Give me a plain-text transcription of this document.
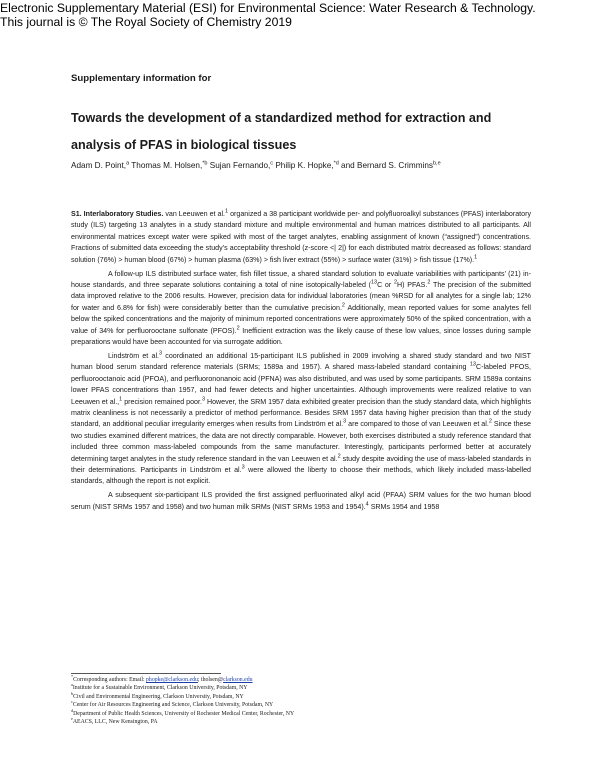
Electronic Supplementary Material (ESI) for Environmental Science: Water Research & Technology.
This journal is © The Royal Society of Chemistry 2019
Supplementary information for
Towards the development of a standardized method for extraction and
analysis of PFAS in biological tissues
Adam D. Point,$^a$ Thomas M. Holsen,$^{*b}$ Sujan Fernando,$^c$ Philip K. Hopke,$^{*d}$ and Bernard S. Crimmins$^{b,e}$

S1. Interlaboratory Studies. van Leeuwen et al.$^1$ organized a 38 participant worldwide per- and polyfluoroalkyl substances (PFAS) interlaboratory study (ILS) targeting 13 analytes in a study standard mixture and multiple environmental and human matrices distributed to all participants. All environmental matrices except water were spiked with most of the target analytes, enabling assignment of known (“assigned”) concentrations. Fractions of submitted data exceeding the study’s acceptability threshold (z-score <| 2|) for each distributed matrix decreased as follows: standard solution (76%) > human blood (67%) > human plasma (63%) > fish liver extract (55%) > surface water (31%) > fish tissue (17%).$^1$

A follow-up ILS distributed surface water, fish fillet tissue, a shared standard solution to evaluate variabilities with participants’ (21) in-house standards, and three separate solutions containing a total of nine isotopically-labeled ($^{13}$C or $^2$H) PFAS.$^2$ The precision of the submitted data improved relative to the 2006 results. However, precision data for individual laboratories (mean %RSD for all analytes for a single lab; 12% for water and 6.8% for fish) were considerably better than the cumulative precision.$^2$ Additionally, mean reported values for some analytes fell below the spiked concentrations and the majority of minimum reported concentrations were approximately 50% of the spiked concentration, with a value of 34% for perfluorooctane sulfonate (PFOS).$^2$ Inefficient extraction was the likely cause of these low values, since losses during sample preparations would have been accounted for via surrogate addition.

Lindström et al.$^3$ coordinated an additional 15-participant ILS published in 2009 involving a shared study standard and two NIST human blood serum standard reference materials (SRMs; 1589a and 1957). A shared mass-labeled standard containing $^{13}$C-labeled PFOS, perfluorooctanoic acid (PFOA), and perfluorononanoic acid (PFNA) was also distributed, and was used by some participants. SRM 1589a contains lower PFAS concentrations than 1957, and had fewer detects and higher uncertainties. Although improvements were realized relative to van Leeuwen et al.,$^1$ precision remained poor.$^3$ However, the SRM 1957 data exhibited greater precision than the study standard data, which highlights matrix cleanliness is not necessarily a predictor of method performance. Besides SRM 1957 data having higher precision than that of the study standard, an additional peculiar irregularity emerges when results from Lindström et al.$^3$ are compared to those of van Leeuwen et al.$^2$ Since these two studies examined different matrices, the data are not directly comparable. However, both exercises distributed a study reference standard that included three common mass-labeled compounds from the same manufacturer. Interestingly, participants performed better at accurately determining target analytes in the study reference standard in the van Leeuwen et al.$^2$ study despite avoiding the use of mass-labeled standards in their determinations. Participants in Lindström et al.$^3$ were allowed the liberty to choose their methods, which likely included mass-labelled standards, although the report is not explicit.

A subsequent six-participant ILS provided the first assigned perfluorinated alkyl acid (PFAA) SRM values for the two human blood serum (NIST SRMs 1957 and 1958) and two human milk SRMs (NIST SRMs 1953 and 1954).$^4$ SRMs 1954 and 1958

*Corresponding authors: Email: phopke@clarkson.edu; tholsen@clarkson.edu
$^a$Institute for a Sustainable Environment, Clarkson University, Potsdam, NY
$^b$Civil and Environmental Engineering, Clarkson University, Potsdam, NY
$^c$Center for Air Resources Engineering and Science, Clarkson University, Potsdam, NY
$^d$Department of Public Health Sciences, University of Rochester Medical Center, Rochester, NY
$^e$AEACS, LLC, New Kensington, PA
